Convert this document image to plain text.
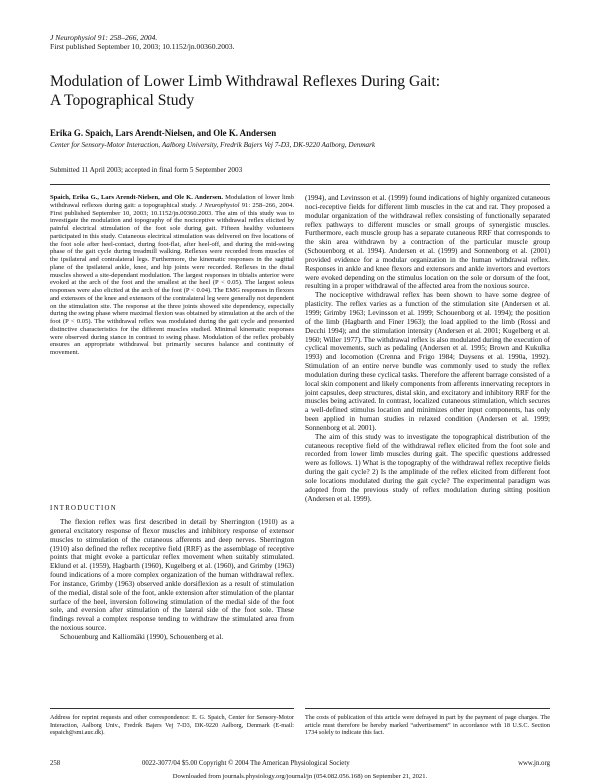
J Neurophysiol 91: 258–266, 2004.
First published September 10, 2003; 10.1152/jn.00360.2003.
Modulation of Lower Limb Withdrawal Reflexes During Gait:
A Topographical Study
Erika G. Spaich, Lars Arendt-Nielsen, and Ole K. Andersen
Center for Sensory-Motor Interaction, Aalborg University, Fredrik Bajers Vej 7-D3, DK-9220 Aalborg, Denmark
Submitted 11 April 2003; accepted in final form 5 September 2003
Spaich, Erika G., Lars Arendt-Nielsen, and Ole K. Andersen. Modulation of lower limb withdrawal reflexes during gait: a topographical study. J Neurophysiol 91: 258–266, 2004. First published September 10, 2003; 10.1152/jn.00360.2003. The aim of this study was to investigate the modulation and topography of the nociceptive withdrawal reflex elicited by painful electrical stimulation of the foot sole during gait. Fifteen healthy volunteers participated in this study. Cutaneous electrical stimulation was delivered on five locations of the foot sole after heel-contact, during foot-flat, after heel-off, and during the mid-swing phase of the gait cycle during treadmill walking. Reflexes were recorded from muscles of the ipsilateral and contralateral legs. Furthermore, the kinematic responses in the sagittal plane of the ipsilateral ankle, knee, and hip joints were recorded. Reflexes in the distal muscles showed a site-dependant modulation. The largest responses in tibialis anterior were evoked at the arch of the foot and the smallest at the heel (P < 0.05). The largest soleus responses were also elicited at the arch of the foot (P < 0.04). The EMG responses in flexors and extensors of the knee and extensors of the contralateral leg were generally not dependent on the stimulation site. The response at the three joints showed site dependency, especially during the swing phase where maximal flexion was obtained by stimulation at the arch of the foot (P < 0.05). The withdrawal reflex was modulated during the gait cycle and presented distinctive characteristics for the different muscles studied. Minimal kinematic responses were observed during stance in contrast to swing phase. Modulation of the reflex probably ensures an appropriate withdrawal but primarily secures balance and continuity of movement.
INTRODUCTION

The flexion reflex was first described in detail by Sherrington (1910) as a general excitatory response of flexor muscles and inhibitory response of extensor muscles to stimulation of the cutaneous afferents and deep nerves. Sherrington (1910) also defined the reflex receptive field (RRF) as the assemblage of receptive points that might evoke a particular reflex movement when suitably stimulated. Eklund et al. (1959), Hagbarth (1960), Kugelberg et al. (1960), and Grimby (1963) found indications of a more complex organization of the human withdrawal reflex. For instance, Grimby (1963) observed ankle dorsiflexion as a result of stimulation of the medial, distal sole of the foot, ankle extension after stimulation of the plantar surface of the heel, inversion following stimulation of the medial side of the foot sole, and eversion after stimulation of the lateral side of the foot sole. These findings reveal a complex response tending to withdraw the stimulated area from the noxious source.

Schouenburg and Kalliomäki (1990), Schouenberg et al.

(1994), and Levinsson et al. (1999) found indications of highly organized cutaneous noci-receptive fields for different limb muscles in the cat and rat. They proposed a modular organization of the withdrawal reflex consisting of functionally separated reflex pathways to different muscles or small groups of synergistic muscles. Furthermore, each muscle group has a separate cutaneous RRF that corresponds to the skin area withdrawn by a contraction of the particular muscle group (Schouenborg et al. 1994). Andersen et al. (1999) and Sonnenborg et al. (2001) provided evidence for a modular organization in the human withdrawal reflex. Responses in ankle and knee flexors and extensors and ankle invertors and evertors were evoked depending on the stimulus location on the sole or dorsum of the foot, resulting in a proper withdrawal of the affected area from the noxious source.

The nociceptive withdrawal reflex has been shown to have some degree of plasticity. The reflex varies as a function of the stimulation site (Andersen et al. 1999; Grimby 1963; Levinsson et al. 1999; Schouenborg et al. 1994); the position of the limb (Hagbarth and Finer 1963); the load applied to the limb (Rossi and Decchi 1994); and the stimulation intensity (Andersen et al. 2001; Kugelberg et al. 1960; Willer 1977). The withdrawal reflex is also modulated during the execution of cyclical movements, such as pedaling (Andersen et al. 1995; Brown and Kukulka 1993) and locomotion (Crenna and Frigo 1984; Duysens et al. 1990a, 1992). Stimulation of an entire nerve bundle was commonly used to study the reflex modulation during these cyclical tasks. Therefore the afferent barrage consisted of a local skin component and likely components from afferents innervating receptors in joint capsules, deep structures, distal skin, and excitatory and inhibitory RRF for the muscles being activated. In contrast, localized cutaneous stimulation, which secures a well-defined stimulus location and minimizes other input components, has only been applied in human studies in relaxed condition (Andersen et al. 1999; Sonnenborg et al. 2001).

The aim of this study was to investigate the topographical distribution of the cutaneous receptive field of the withdrawal reflex elicited from the foot sole and recorded from lower limb muscles during gait. The specific questions addressed were as follows. 1) What is the topography of the withdrawal reflex receptive fields during the gait cycle? 2) Is the amplitude of the reflex elicited from different foot sole locations modulated during the gait cycle? The experimental paradigm was adopted from the previous study of reflex modulation during sitting position (Andersen et al. 1999).

Address for reprint requests and other correspondence: E. G. Spaich, Center for Sensory-Motor Interaction, Aalborg Univ., Fredrik Bajers Vej 7-D3, DK-9220 Aalborg, Denmark (E-mail: espaich@smi.auc.dk).
The costs of publication of this article were defrayed in part by the payment of page charges. The article must therefore be hereby marked “advertisement” in accordance with 18 U.S.C. Section 1734 solely to indicate this fact.
258	0022-3077/04 $5.00 Copyright © 2004 The American Physiological Society	www.jn.org
Downloaded from journals.physiology.org/journal/jn (054.082.056.168) on September 21, 2021.
